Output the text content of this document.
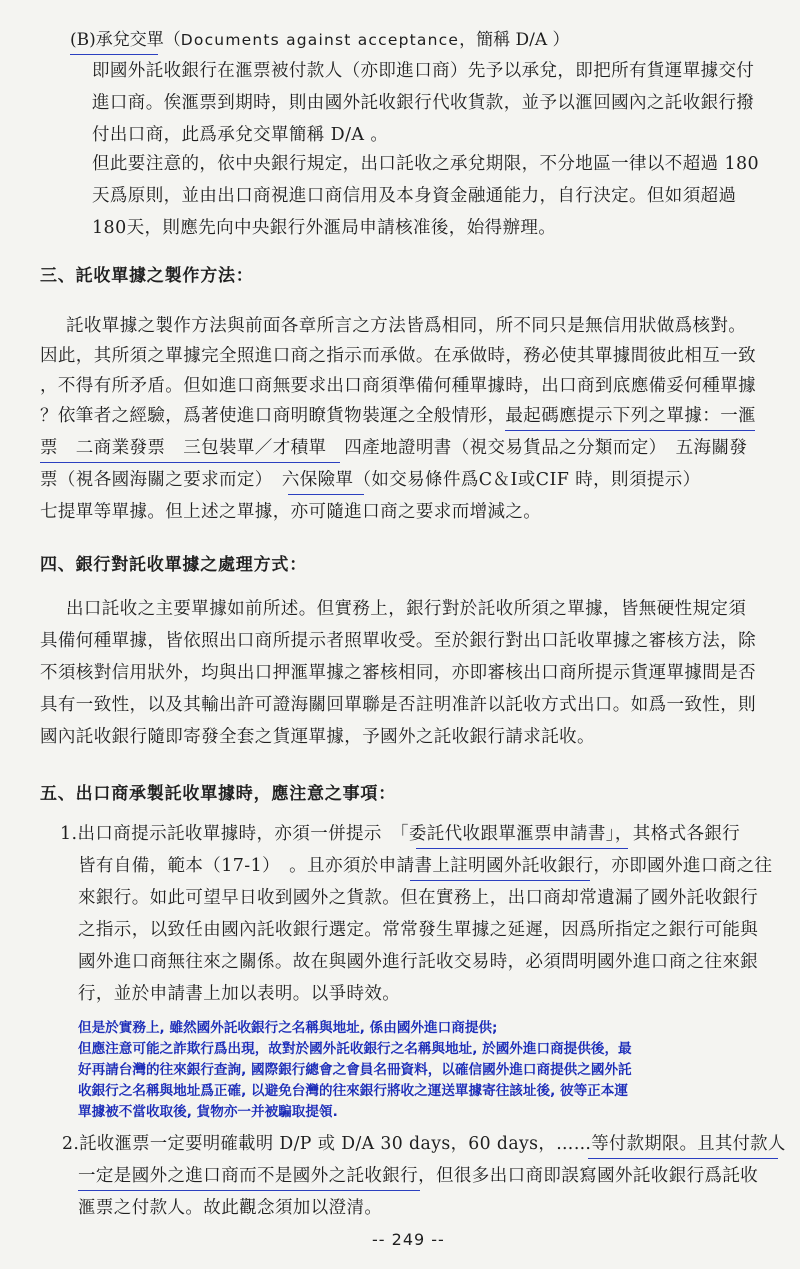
(B)承兌交單（Documents against acceptance，簡稱 D/A ）
即國外託收銀行在滙票被付款人（亦即進口商）先予以承兌，即把所有貨運單據交付
進口商。俟滙票到期時，則由國外託收銀行代收貨款，並予以滙回國內之託收銀行撥
付出口商，此爲承兌交單簡稱 D/A 。
但此要注意的，依中央銀行規定，出口託收之承兌期限，不分地區一律以不超過 180
天爲原則，並由出口商視進口商信用及本身資金融通能力，自行決定。但如須超過
180天，則應先向中央銀行外滙局申請核准後，始得辦理。
三、託收單據之製作方法：
託收單據之製作方法與前面各章所言之方法皆爲相同，所不同只是無信用狀做爲核對。
因此，其所須之單據完全照進口商之指示而承做。在承做時，務必使其單據間彼此相互一致
，不得有所矛盾。但如進口商無要求出口商須準備何種單據時，出口商到底應備妥何種單據
？依筆者之經驗，爲著使進口商明瞭貨物裝運之全般情形，最起碼應提示下列之單據：一滙
票　二商業發票　三包裝單／才積單　四產地證明書（視交易貨品之分類而定）　五海關發
票（視各國海關之要求而定）　六保險單（如交易條件爲C＆I或CIF 時，則須提示）
七提單等單據。但上述之單據，亦可隨進口商之要求而增減之。
四、銀行對託收單據之處理方式：
出口託收之主要單據如前所述。但實務上，銀行對於託收所須之單據，皆無硬性規定須
具備何種單據，皆依照出口商所提示者照單收受。至於銀行對出口託收單據之審核方法，除
不須核對信用狀外，均與出口押滙單據之審核相同，亦即審核出口商所提示貨運單據間是否
具有一致性，以及其輸出許可證海關回單聯是否註明准許以託收方式出口。如爲一致性，則
國內託收銀行隨即寄發全套之貨運單據，予國外之託收銀行請求託收。
五、出口商承製託收單據時，應注意之事項：
1.出口商提示託收單據時，亦須一併提示　「委託代收跟單滙票申請書」，其格式各銀行
皆有自備，範本（17-1）　。且亦須於申請書上註明國外託收銀行，亦即國外進口商之往
來銀行。如此可望早日收到國外之貨款。但在實務上，出口商却常遺漏了國外託收銀行
之指示，以致任由國內託收銀行選定。常常發生單據之延遲，因爲所指定之銀行可能與
國外進口商無往來之關係。故在與國外進行託收交易時，必須問明國外進口商之往來銀
行，並於申請書上加以表明。以爭時效。
但是於實務上, 雖然國外託收銀行之名稱與地址, 係由國外進口商提供;
但應注意可能之詐欺行爲出現，故對於國外託收銀行之名稱與地址, 於國外進口商提供後，最
好再請台灣的往來銀行查詢, 國際銀行總會之會員名冊資料，以確信國外進口商提供之國外託
收銀行之名稱與地址爲正確, 以避免台灣的往來銀行將收之運送單據寄往該址後, 彼等正本運
單據被不當收取後, 貨物亦一并被騙取提領.
2.託收滙票一定要明確載明 D/P 或 D/A 30 days，60 days，……等付款期限。且其付款人
一定是國外之進口商而不是國外之託收銀行，但很多出口商即誤寫國外託收銀行爲託收
滙票之付款人。故此觀念須加以澄清。
-- 249 --
